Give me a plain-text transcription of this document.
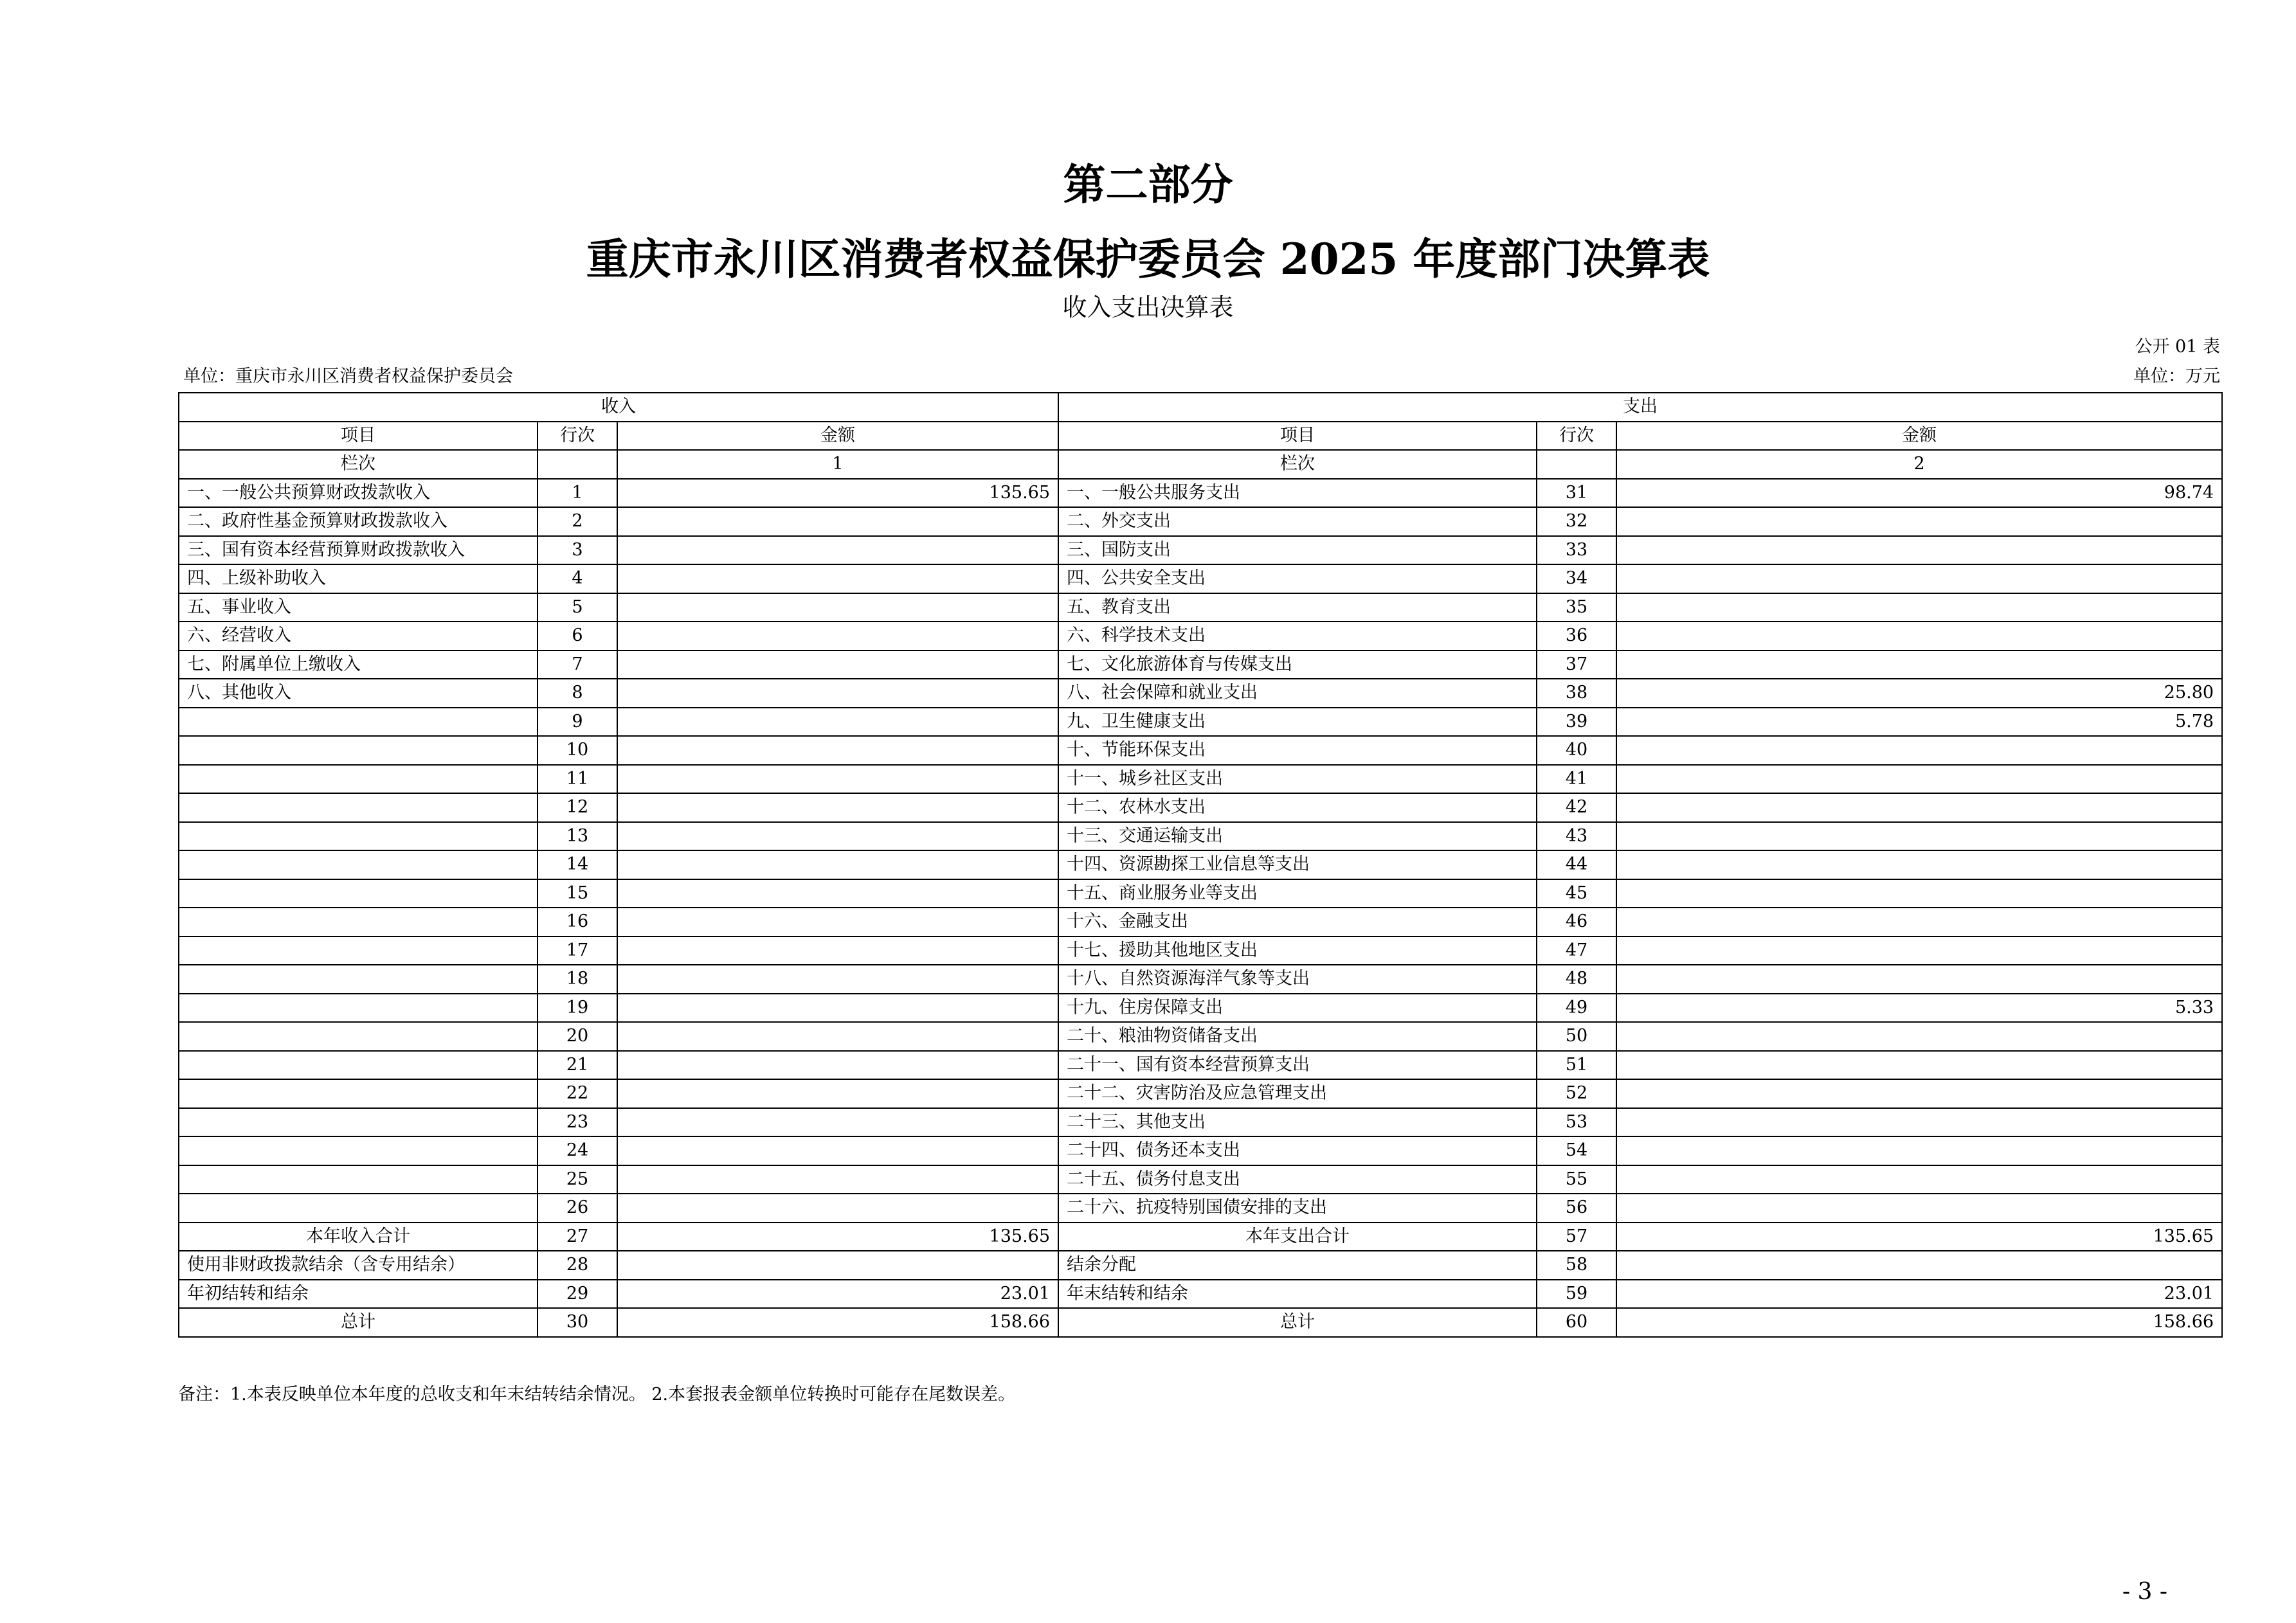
第二部分
重庆市永川区消费者权益保护委员会 2025 年度部门决算表
收入支出决算表
公开 01 表
单位：重庆市永川区消费者权益保护委员会	单位：万元
收入			支出		
项目	行次	金额	项目	行次	金额
栏次		1	栏次		2
一、一般公共预算财政拨款收入	1	135.65	一、一般公共服务支出	31	98.74
二、政府性基金预算财政拨款收入	2		二、外交支出	32	
三、国有资本经营预算财政拨款收入	3		三、国防支出	33	
四、上级补助收入	4		四、公共安全支出	34	
五、事业收入	5		五、教育支出	35	
六、经营收入	6		六、科学技术支出	36	
七、附属单位上缴收入	7		七、文化旅游体育与传媒支出	37	
八、其他收入	8		八、社会保障和就业支出	38	25.80
	9		九、卫生健康支出	39	5.78
	10		十、节能环保支出	40	
	11		十一、城乡社区支出	41	
	12		十二、农林水支出	42	
	13		十三、交通运输支出	43	
	14		十四、资源勘探工业信息等支出	44	
	15		十五、商业服务业等支出	45	
	16		十六、金融支出	46	
	17		十七、援助其他地区支出	47	
	18		十八、自然资源海洋气象等支出	48	
	19		十九、住房保障支出	49	5.33
	20		二十、粮油物资储备支出	50	
	21		二十一、国有资本经营预算支出	51	
	22		二十二、灾害防治及应急管理支出	52	
	23		二十三、其他支出	53	
	24		二十四、债务还本支出	54	
	25		二十五、债务付息支出	55	
	26		二十六、抗疫特别国债安排的支出	56	
本年收入合计	27	135.65	本年支出合计	57	135.65
使用非财政拨款结余（含专用结余）	28		结余分配	58	
年初结转和结余	29	23.01	年末结转和结余	59	23.01
总计	30	158.66	总计	60	158.66
备注：1.本表反映单位本年度的总收支和年末结转结余情况。 2.本套报表金额单位转换时可能存在尾数误差。
- 3 -
